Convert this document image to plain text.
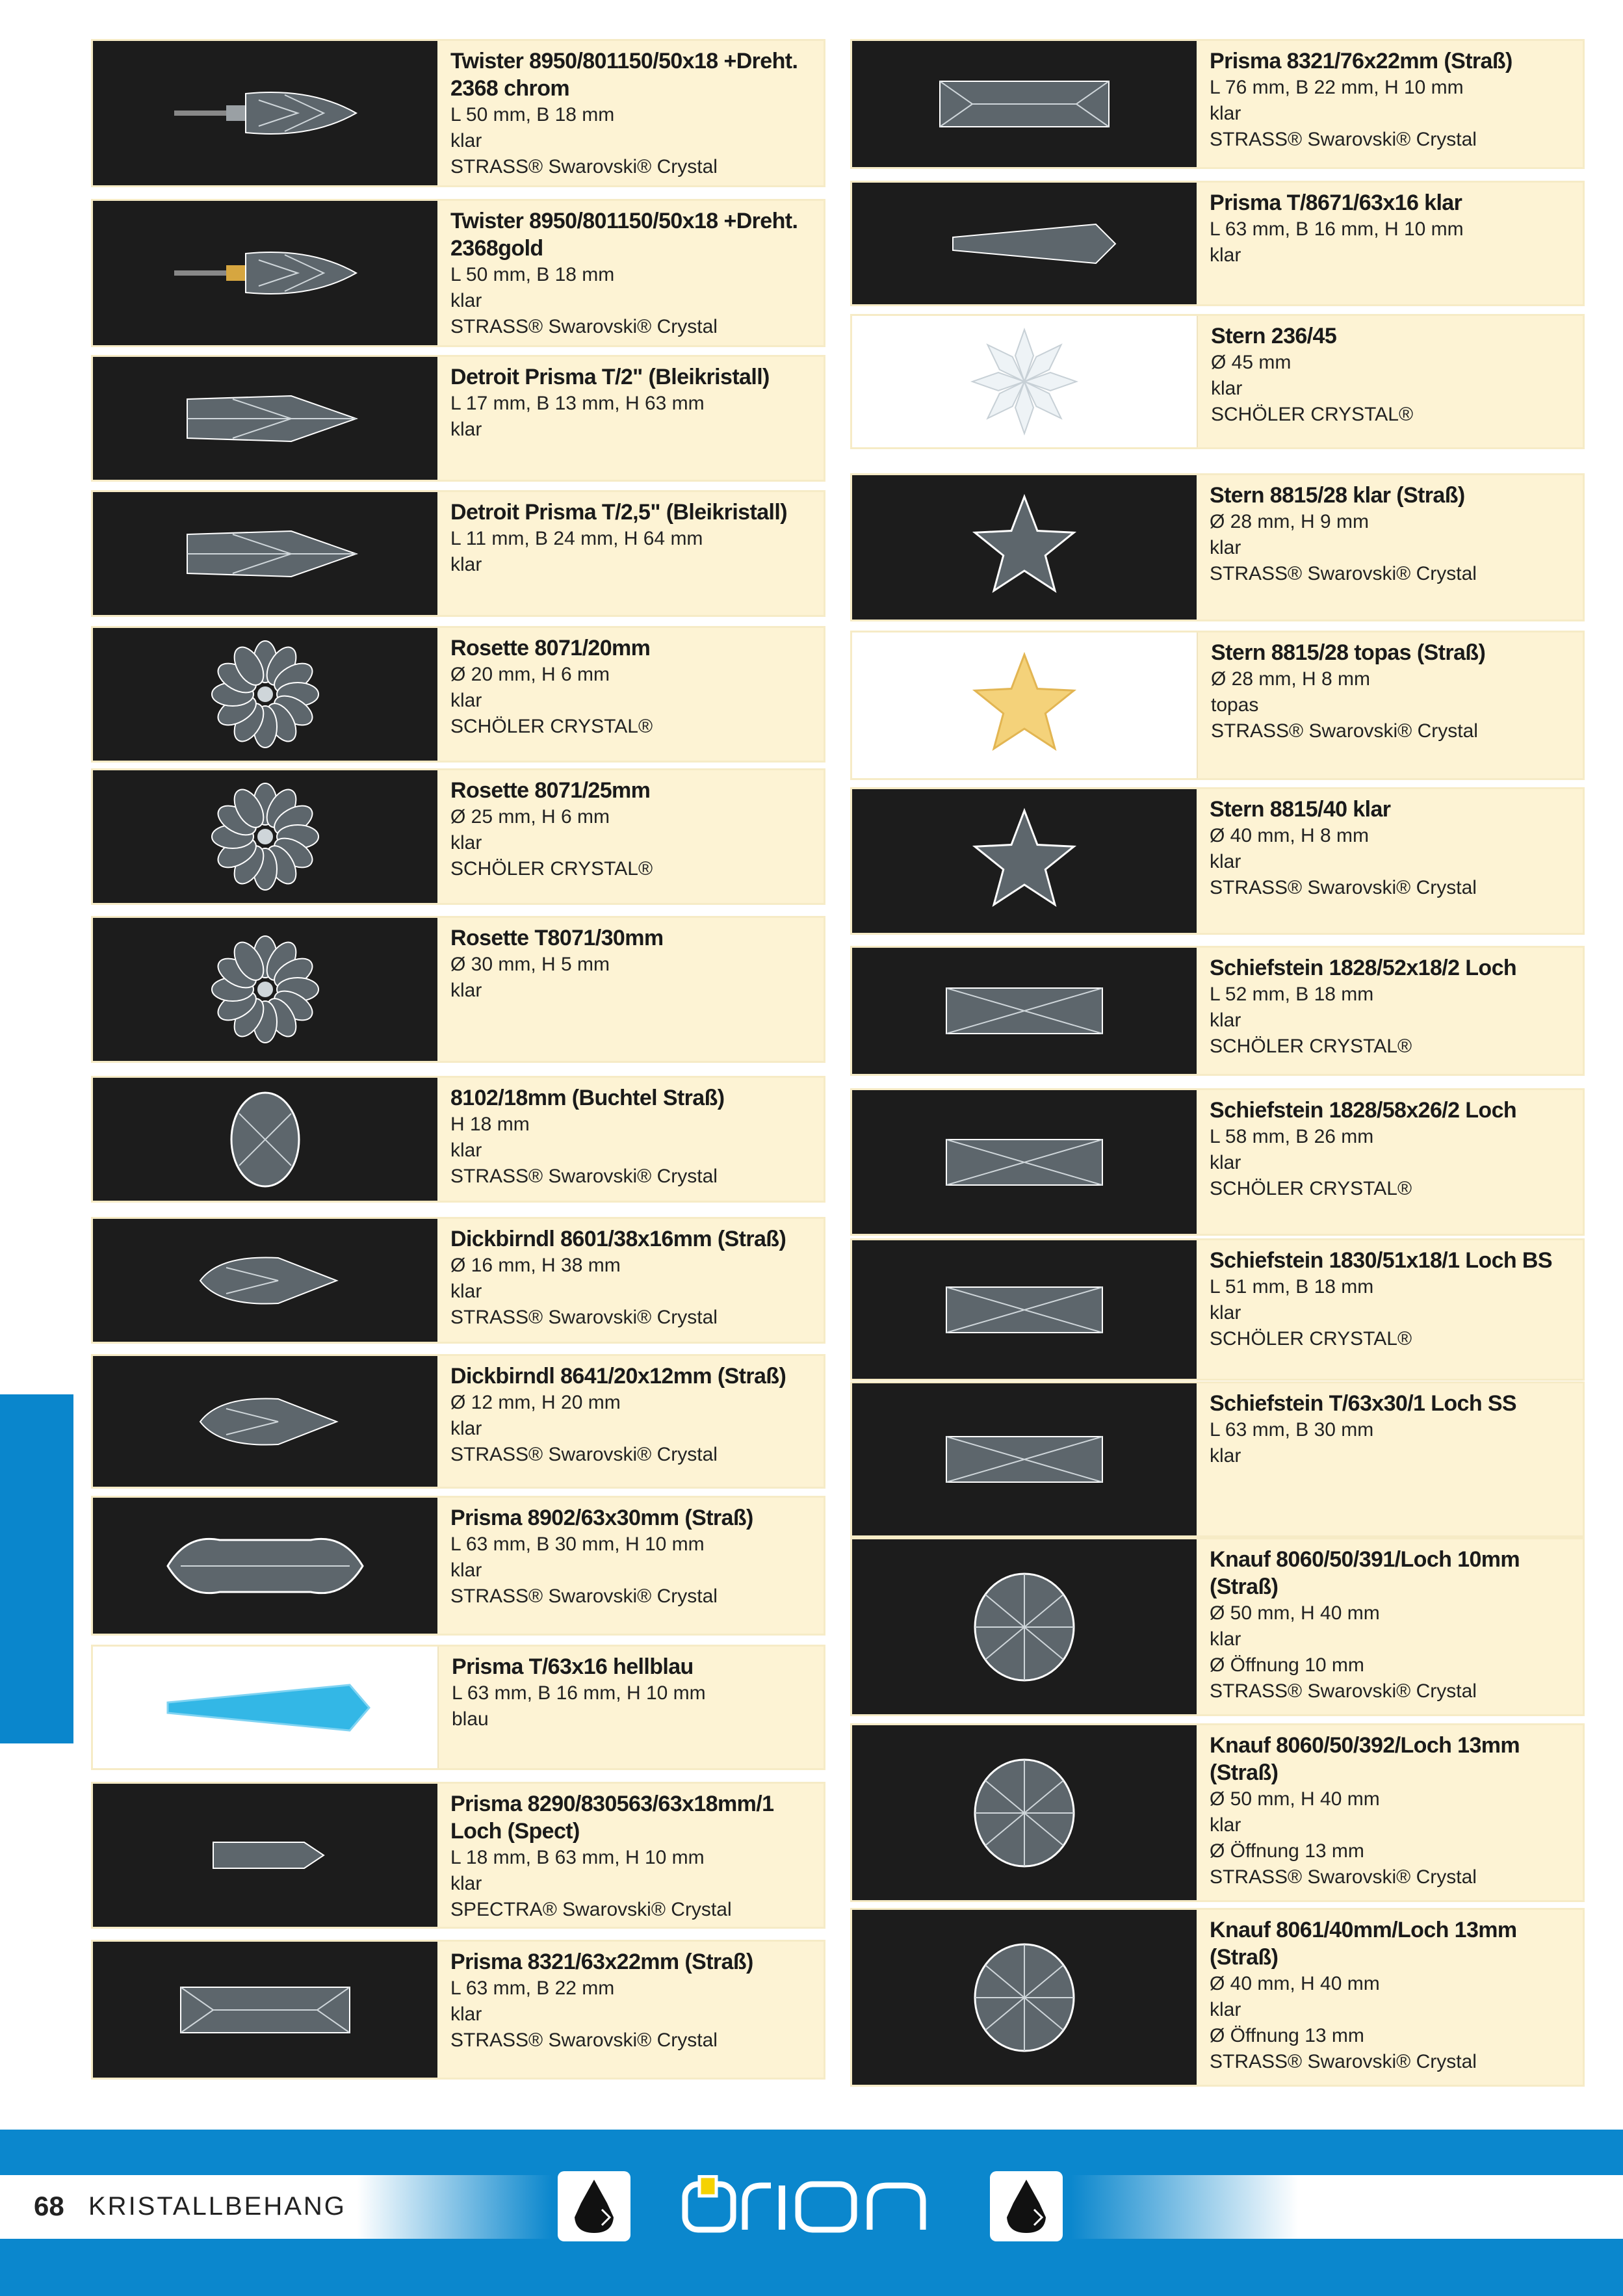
Twister 8950/801150/50x18 +Dreht. 2368 chrom
L 50 mm, B 18 mm
klar
STRASS® Swarovski® Crystal
Twister 8950/801150/50x18 +Dreht. 2368gold
L 50 mm, B 18 mm
klar
STRASS® Swarovski® Crystal
Detroit Prisma T/2" (Bleikristall)
L 17 mm, B 13 mm, H 63 mm
klar
Detroit Prisma T/2,5" (Bleikristall)
L 11 mm, B 24 mm, H 64 mm
klar
Rosette 8071/20mm
Ø 20 mm, H 6 mm
klar
SCHÖLER CRYSTAL®
Rosette 8071/25mm
Ø 25 mm, H 6 mm
klar
SCHÖLER CRYSTAL®
Rosette T8071/30mm
Ø 30 mm, H 5 mm
klar
8102/18mm (Buchtel Straß)
H 18 mm
klar
STRASS® Swarovski® Crystal
Dickbirndl 8601/38x16mm (Straß)
Ø 16 mm, H 38 mm
klar
STRASS® Swarovski® Crystal
Dickbirndl 8641/20x12mm (Straß)
Ø 12 mm, H 20 mm
klar
STRASS® Swarovski® Crystal
Prisma 8902/63x30mm (Straß)
L 63 mm, B 30 mm, H 10 mm
klar
STRASS® Swarovski® Crystal
Prisma T/63x16 hellblau
L 63 mm, B 16 mm, H 10 mm
blau
Prisma 8290/830563/63x18mm/1 Loch (Spect)
L 18 mm, B 63 mm, H 10 mm
klar
SPECTRA® Swarovski® Crystal
Prisma 8321/63x22mm (Straß)
L 63 mm, B 22 mm
klar
STRASS® Swarovski® Crystal
Prisma 8321/76x22mm (Straß)
L 76 mm, B 22 mm, H 10 mm
klar
STRASS® Swarovski® Crystal
Prisma T/8671/63x16 klar
L 63 mm, B 16 mm, H 10 mm
klar
Stern 236/45
Ø 45 mm
klar
SCHÖLER CRYSTAL®
Stern 8815/28 klar (Straß)
Ø 28 mm, H 9 mm
klar
STRASS® Swarovski® Crystal
Stern 8815/28 topas (Straß)
Ø 28 mm, H 8 mm
topas
STRASS® Swarovski® Crystal
Stern 8815/40 klar
Ø 40 mm, H 8 mm
klar
STRASS® Swarovski® Crystal
Schiefstein 1828/52x18/2 Loch
L 52 mm, B 18 mm
klar
SCHÖLER CRYSTAL®
Schiefstein 1828/58x26/2 Loch
L 58 mm, B 26 mm
klar
SCHÖLER CRYSTAL®
Schiefstein 1830/51x18/1 Loch BS
L 51 mm, B 18 mm
klar
SCHÖLER CRYSTAL®
Schiefstein T/63x30/1 Loch SS
L 63 mm, B 30 mm
klar
Knauf 8060/50/391/Loch 10mm (Straß)
Ø 50 mm, H 40 mm
klar
Ø Öffnung 10 mm
STRASS® Swarovski® Crystal
Knauf 8060/50/392/Loch 13mm (Straß)
Ø 50 mm, H 40 mm
klar
Ø Öffnung 13 mm
STRASS® Swarovski® Crystal
Knauf 8061/40mm/Loch 13mm (Straß)
Ø 40 mm, H 40 mm
klar
Ø Öffnung 13 mm
STRASS® Swarovski® Crystal
68 KRISTALLBEHANG
